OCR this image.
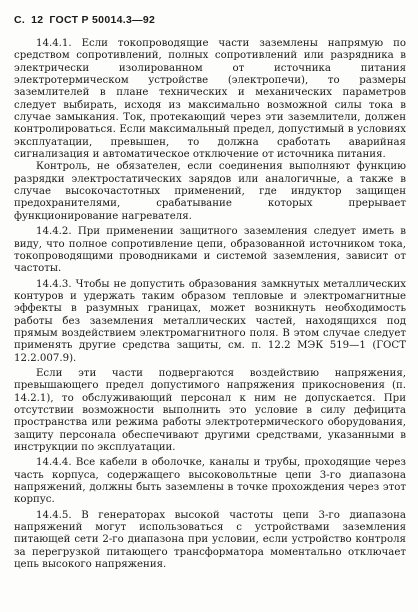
С. 12 ГОСТ Р 50014.3—92

14.4.1. Если токопроводящие части заземлены напрямую по средством сопротивлений, полных сопротивлений или разрядника в электрически изолированном от источника питания электротермическом устройстве (электропечи), то размеры заземлителей в плане технических и механических параметров следует выбирать, исходя из максимально возможной силы тока в случае замыкания. Ток, протекающий через эти заземлители, должен контролироваться. Если максимальный предел, допустимый в условиях эксплуатации, превышен, то должна сработать аварийная сигнализация и автоматическое отключение от источника питания.

Контроль, не обязателен, если соединения выполняют функцию разрядки электростатических зарядов или аналогичные, а также в случае высокочастотных применений, где индуктор защищен предохранителями, срабатывание которых прерывает функционирование нагревателя.

14.4.2. При применении защитного заземления следует иметь в виду, что полное сопротивление цепи, образованной источником тока, токопроводящими проводниками и системой заземления, зависит от частоты.

14.4.3. Чтобы не допустить образования замкнутых металлических контуров и удержать таким образом тепловые и электромагнитные эффекты в разумных границах, может возникнуть необходимость работы без заземления металлических частей, находящихся под прямым воздействием электромагнитного поля. В этом случае следует применять другие средства защиты, см. п. 12.2 МЭК 519—1 (ГОСТ 12.2.007.9).

Если эти части подвергаются воздействию напряжения, превышающего предел допустимого напряжения прикосновения (п. 14.2.1), то обслуживающий персонал к ним не допускается. При отсутствии возможности выполнить это условие в силу дефицита пространства или режима работы электротермического оборудования, защиту персонала обеспечивают другими средствами, указанными в инструкции по эксплуатации.

14.4.4. Все кабели в оболочке, каналы и трубы, проходящие через часть корпуса, содержащего высоковольтные цепи 3-го диапазона напряжений, должны быть заземлены в точке прохождения через этот корпус.

14.4.5. В генераторах высокой частоты цепи 3-го диапазона напряжений могут использоваться с устройствами заземления питающей сети 2-го диапазона при условии, если устройство контроля за перегрузкой питающего трансформатора моментально отключает цепь высокого напряжения.
